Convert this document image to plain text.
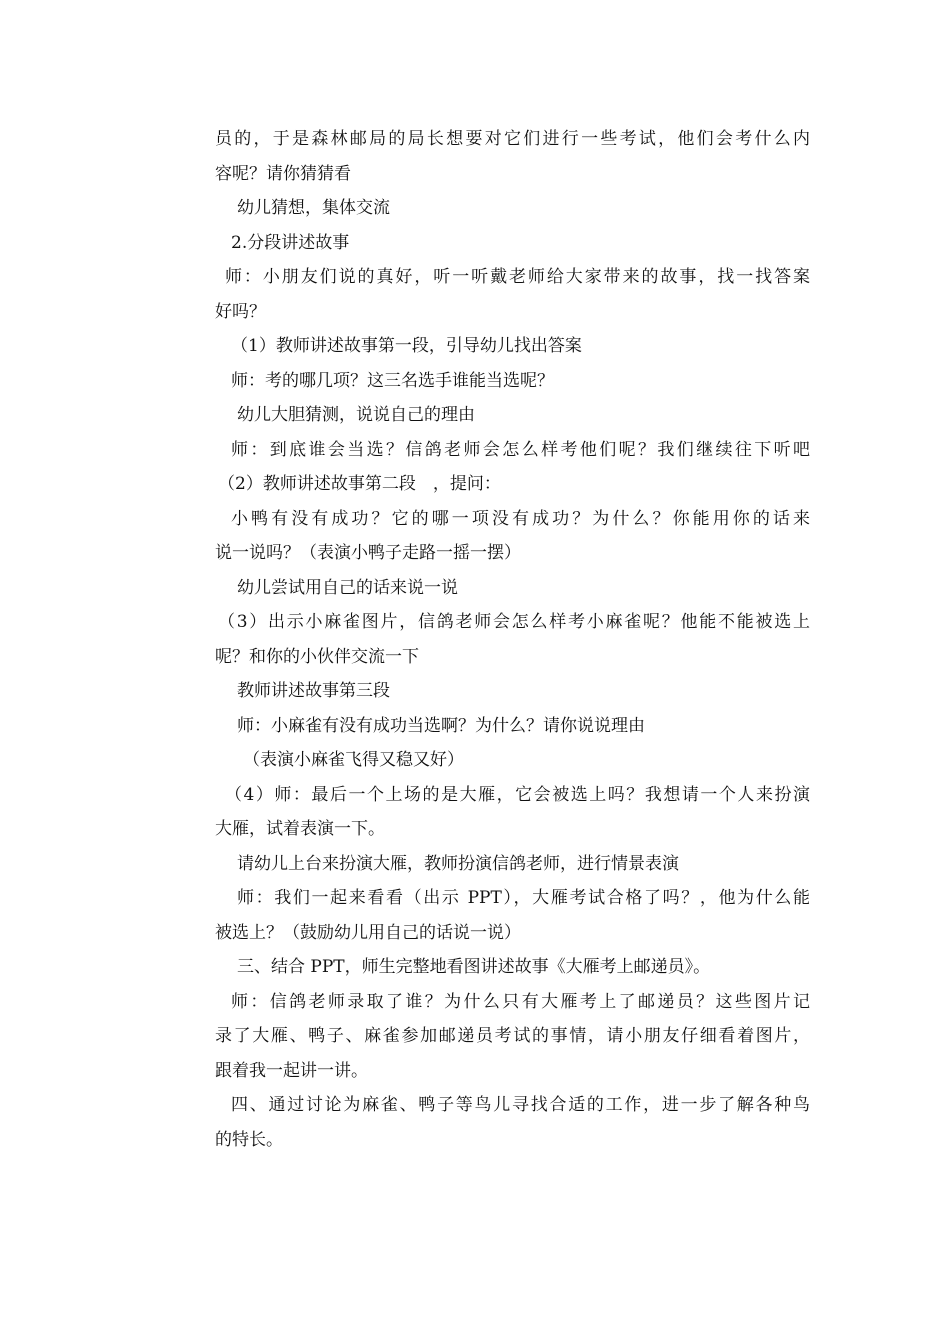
员的，于是森林邮局的局长想要对它们进行一些考试，他们会考什么内
容呢？请你猜猜看
幼儿猜想，集体交流
2.分段讲述故事
师：小朋友们说的真好，听一听戴老师给大家带来的故事，找一找答案
好吗？
（1）教师讲述故事第一段，引导幼儿找出答案
师：考的哪几项？这三名选手谁能当选呢？
幼儿大胆猜测，说说自己的理由
师：到底谁会当选？信鸽老师会怎么样考他们呢？我们继续往下听吧
（2）教师讲述故事第二段　，提问：
小鸭有没有成功？它的哪一项没有成功？为什么？你能用你的话来
说一说吗？（表演小鸭子走路一摇一摆）
幼儿尝试用自己的话来说一说
（3）出示小麻雀图片，信鸽老师会怎么样考小麻雀呢？他能不能被选上
呢？和你的小伙伴交流一下
教师讲述故事第三段
师：小麻雀有没有成功当选啊？为什么？请你说说理由
（表演小麻雀飞得又稳又好）
（4）师：最后一个上场的是大雁，它会被选上吗？我想请一个人来扮演
大雁，试着表演一下。
请幼儿上台来扮演大雁，教师扮演信鸽老师，进行情景表演
师：我们一起来看看（出示 PPT），大雁考试合格了吗？，他为什么能
被选上？（鼓励幼儿用自己的话说一说）
三、结合 PPT，师生完整地看图讲述故事《大雁考上邮递员》。
师：信鸽老师录取了谁？为什么只有大雁考上了邮递员？这些图片记
录了大雁、鸭子、麻雀参加邮递员考试的事情，请小朋友仔细看着图片，
跟着我一起讲一讲。
四、通过讨论为麻雀、鸭子等鸟儿寻找合适的工作，进一步了解各种鸟
的特长。
